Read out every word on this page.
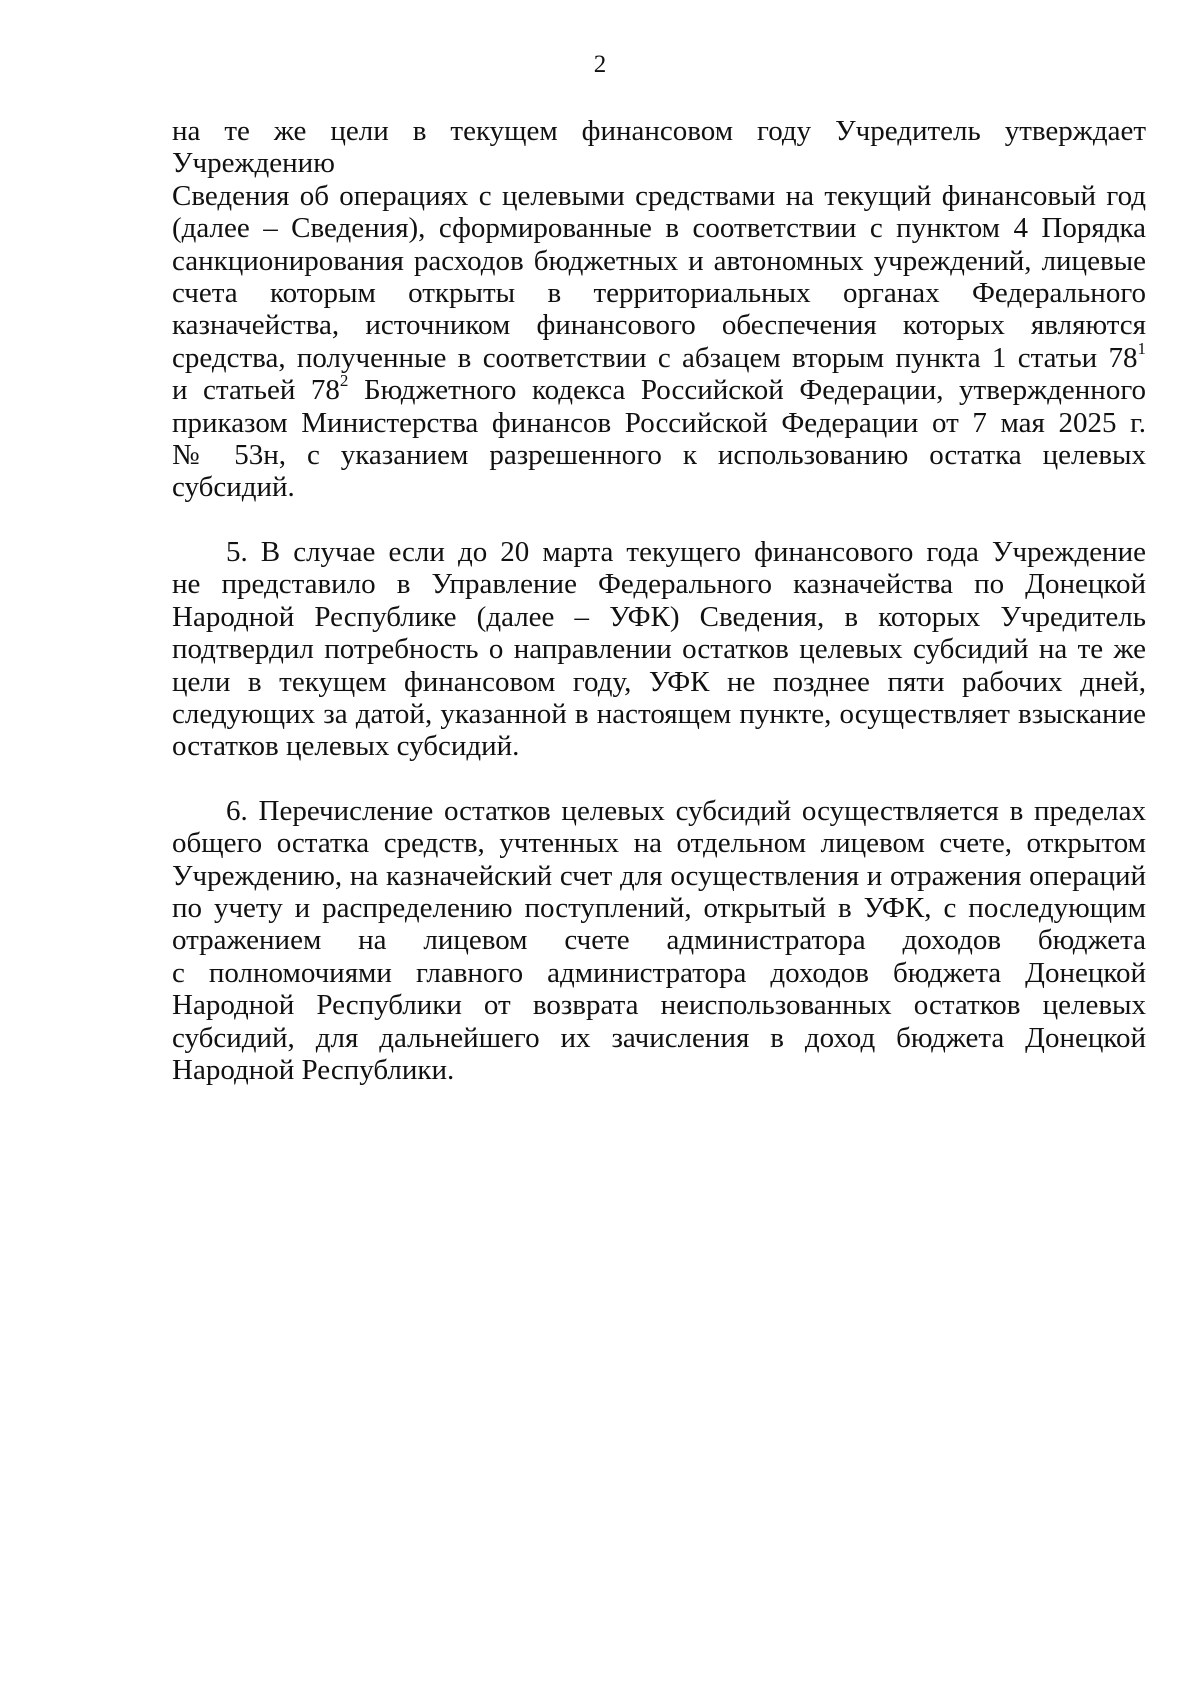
2

на те же цели в текущем финансовом году Учредитель утверждает Учреждению
Сведения об операциях с целевыми средствами на текущий финансовый год
(далее – Сведения), сформированные в соответствии с пунктом 4 Порядка
санкционирования расходов бюджетных и автономных учреждений, лицевые
счета которым открыты в территориальных органах Федерального
казначейства, источником финансового обеспечения которых являются
средства, полученные в соответствии с абзацем вторым пункта 1 статьи $78^1$
и статьей $78^2$ Бюджетного кодекса Российской Федерации, утвержденного
приказом Министерства финансов Российской Федерации от 7 мая 2025 г.
№ 53н, с указанием разрешенного к использованию остатка целевых субсидий.

5. В случае если до 20 марта текущего финансового года Учреждение
не представило в Управление Федерального казначейства по Донецкой
Народной Республике (далее – УФК) Сведения, в которых Учредитель
подтвердил потребность о направлении остатков целевых субсидий на те же
цели в текущем финансовом году, УФК не позднее пяти рабочих дней,
следующих за датой, указанной в настоящем пункте, осуществляет взыскание
остатков целевых субсидий.

6. Перечисление остатков целевых субсидий осуществляется в пределах
общего остатка средств, учтенных на отдельном лицевом счете, открытом
Учреждению, на казначейский счет для осуществления и отражения операций
по учету и распределению поступлений, открытый в УФК, с последующим
отражением на лицевом счете администратора доходов бюджета
с полномочиями главного администратора доходов бюджета Донецкой
Народной Республики от возврата неиспользованных остатков целевых
субсидий, для дальнейшего их зачисления в доход бюджета Донецкой
Народной Республики.
